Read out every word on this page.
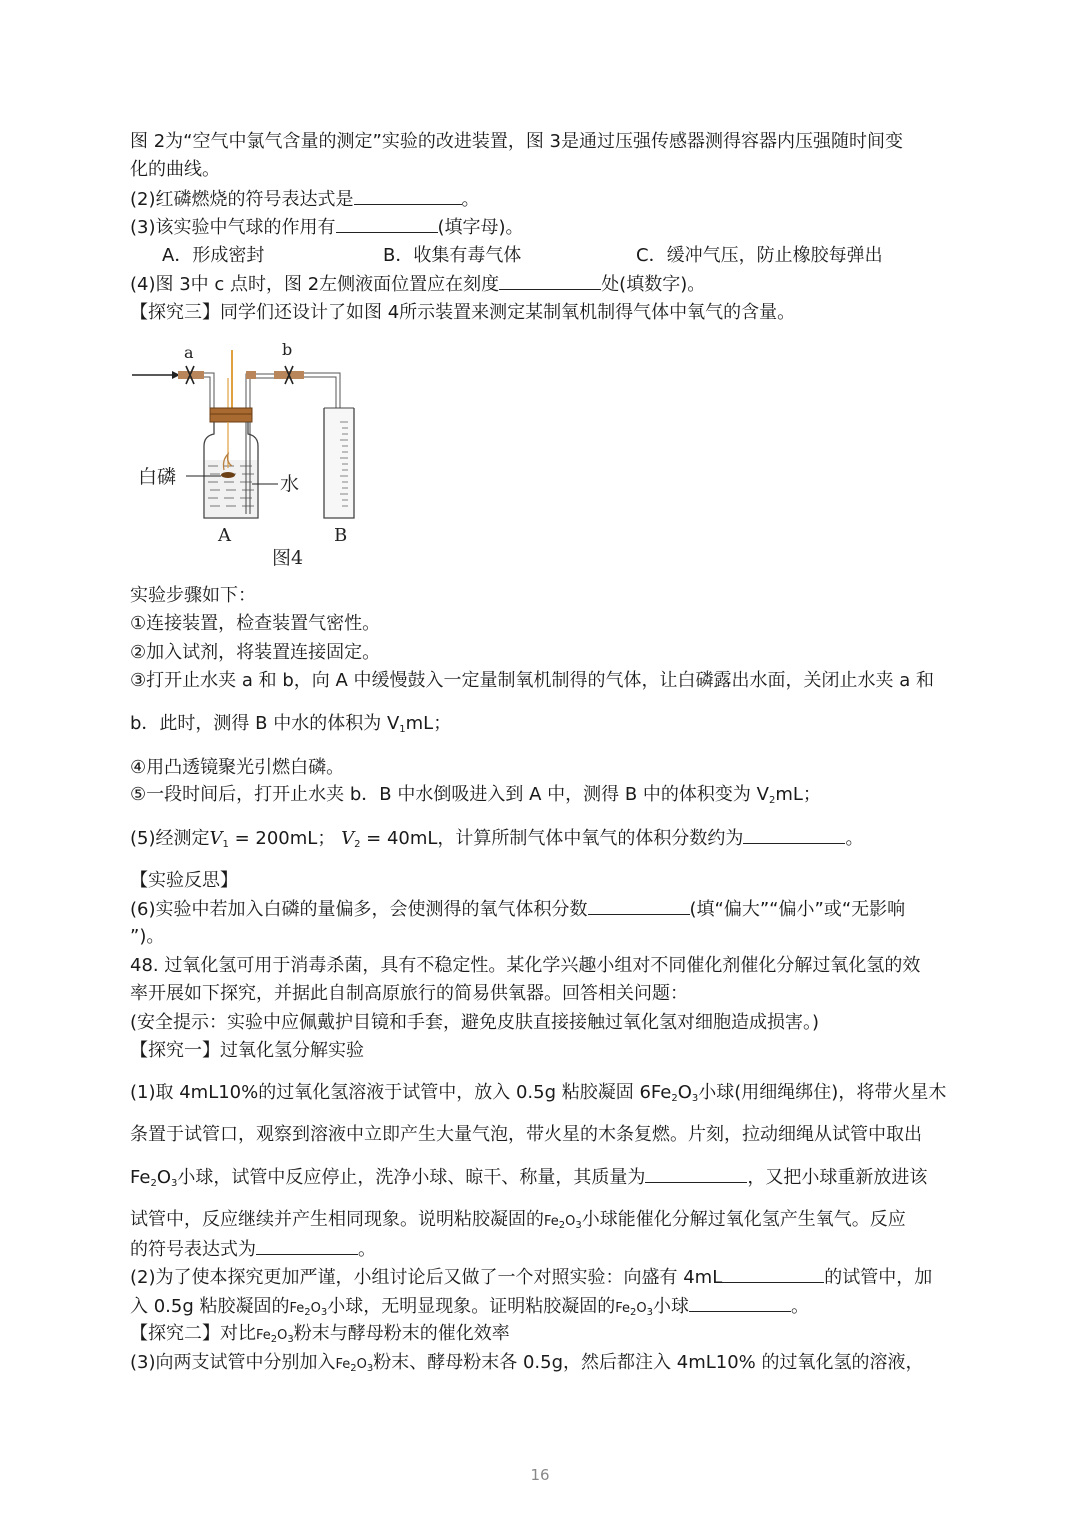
图 2为“空气中氯气含量的测定”实验的改进装置，图 3是通过压强传感器测得容器内压强随时间变
化的曲线。
(2)红磷燃烧的符号表达式是	。
(3)该实验中气球的作用有	(填字母)。
A．形成密封	B．收集有毒气体	C．缓冲气压，防止橡胶每弹出
(4)图 3中 c 点时，图 2左侧液面位置应在刻度	处(填数字)。
【探究三】同学们还设计了如图 4所示装置来测定某制氧机制得气体中氧气的含量。
a	b
白磷	水
A	B
图4
实验步骤如下：
①连接装置，检查装置气密性。
②加入试剂，将装置连接固定。
③打开止水夹 a 和 b，向 A 中缓慢鼓入一定量制氧机制得的气体，让白磷露出水面，关闭止水夹 a 和
b．此时，测得 B 中水的体积为 $V_1mL$；
④用凸透镜聚光引燃白磷。
⑤一段时间后，打开止水夹 b．B 中水倒吸进入到 A 中，测得 B 中的体积变为 $V_2mL$；
(5)经测定$V_1 = 200mL$； $V_2 = 40mL$，计算所制气体中氧气的体积分数约为	。
【实验反思】
(6)实验中若加入白磷的量偏多，会使测得的氧气体积分数	(填“偏大”“偏小”或“无影响
”)。
48. 过氧化氢可用于消毒杀菌，具有不稳定性。某化学兴趣小组对不同催化剂催化分解过氧化氢的效
率开展如下探究，并据此自制高原旅行的简易供氧器。回答相关问题：
(安全提示：实验中应佩戴护目镜和手套，避免皮肤直接接触过氧化氢对细胞造成损害。)
【探究一】过氧化氢分解实验
(1)取 4mL10%的过氧化氢溶液于试管中，放入 0.5g 粘胶凝固 $6Fe_2O_3$小球(用细绳绑住)，将带火星木
条置于试管口，观察到溶液中立即产生大量气泡，带火星的木条复燃。片刻，拉动细绳从试管中取出
$Fe_2O_3$小球，试管中反应停止，洗净小球、晾干、称量，其质量为	，又把小球重新放进该
试管中，反应继续并产生相同现象。说明粘胶凝固的$Fe_2O_3$小球能催化分解过氧化氢产生氧气。反应
的符号表达式为	。
(2)为了使本探究更加严谨，小组讨论后又做了一个对照实验：向盛有 4mL	的试管中，加
入 0.5g 粘胶凝固的$Fe_2O_3$小球，无明显现象。证明粘胶凝固的$Fe_2O_3$小球	。
【探究二】对比$Fe_2O_3$粉末与酵母粉末的催化效率
(3)向两支试管中分别加入$Fe_2O_3$粉末、酵母粉末各 0.5g，然后都注入 4mL10% 的过氧化氢的溶液，
16
